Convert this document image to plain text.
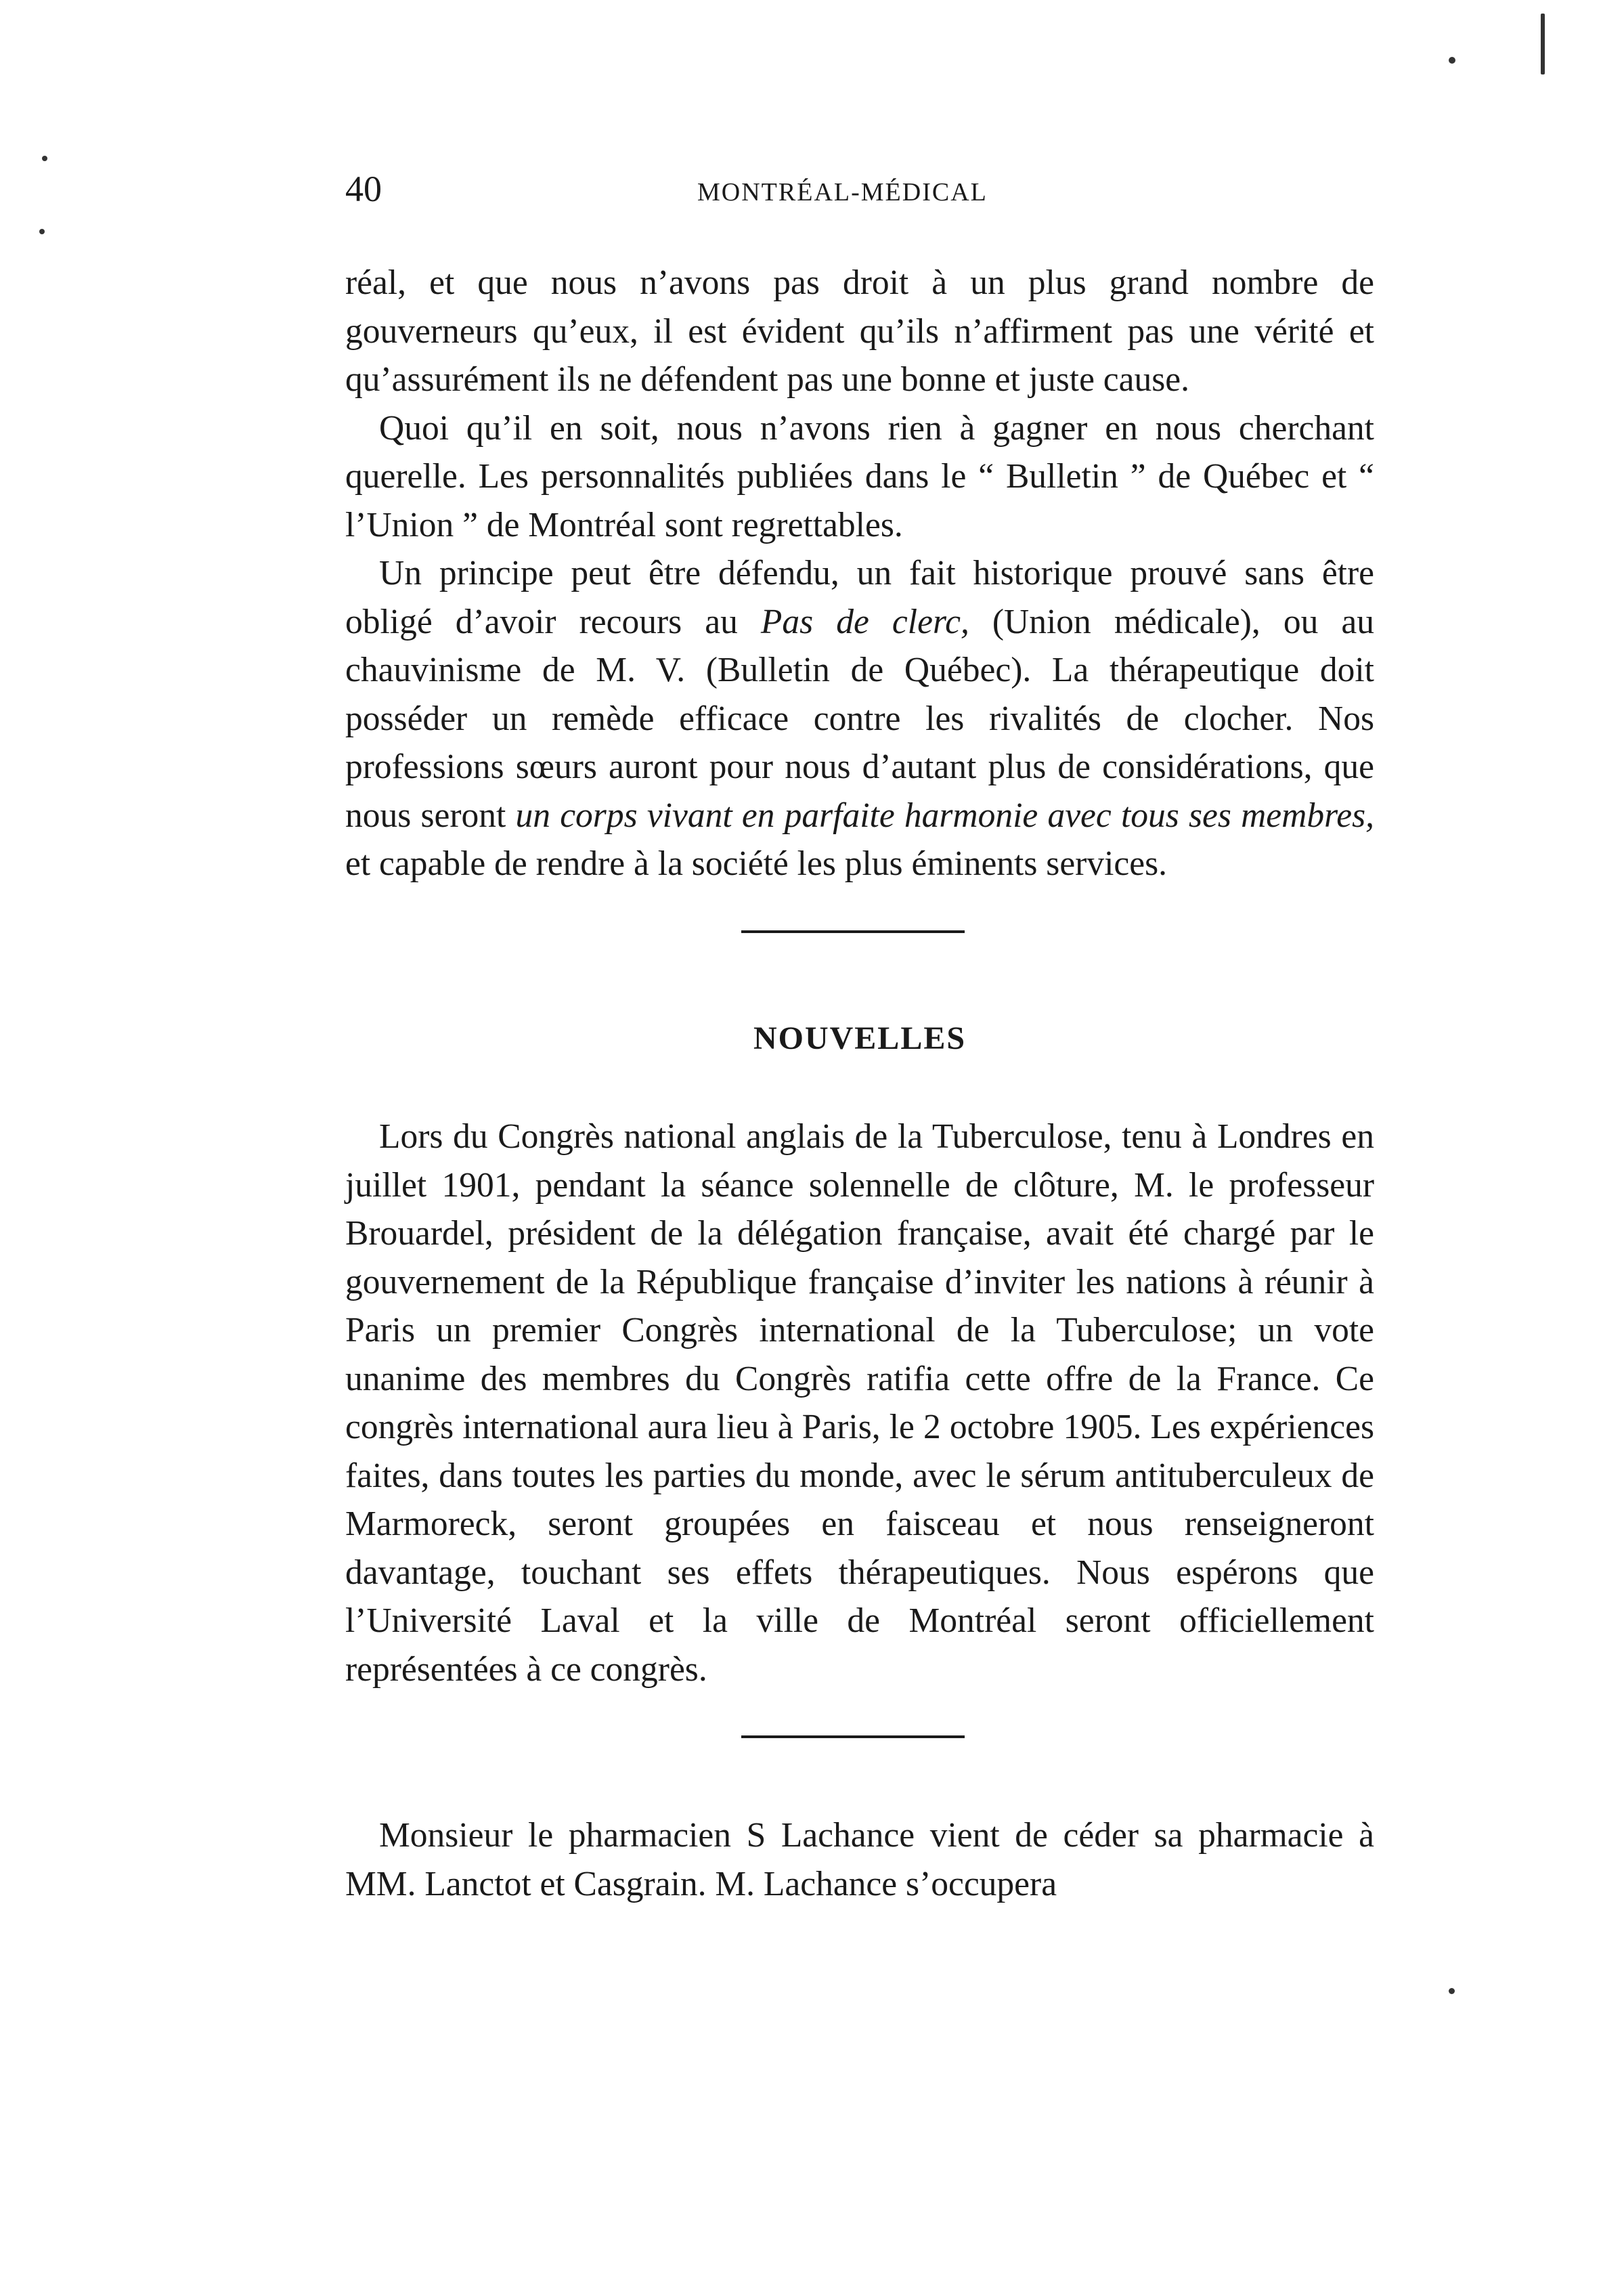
40	MONTRÉAL-MÉDICAL

réal, et que nous n’avons pas droit à un plus grand nombre de gouverneurs qu’eux, il est évident qu’ils n’affirment pas une vérité et qu’assurément ils ne défendent pas une bonne et juste cause.

Quoi qu’il en soit, nous n’avons rien à gagner en nous cherchant querelle. Les personnalités publiées dans le “ Bulletin ” de Québec et “ l’Union ” de Montréal sont regrettables.

Un principe peut être défendu, un fait historique prouvé sans être obligé d’avoir recours au Pas de clerc, (Union médicale), ou au chauvinisme de M. V. (Bulletin de Québec). La thérapeutique doit posséder un remède efficace contre les rivalités de clocher. Nos professions sœurs auront pour nous d’autant plus de considérations, que nous seront un corps vivant en parfaite harmonie avec tous ses membres, et capable de rendre à la société les plus éminents services.

NOUVELLES

Lors du Congrès national anglais de la Tuberculose, tenu à Londres en juillet 1901, pendant la séance solennelle de clôture, M. le professeur Brouardel, président de la délégation française, avait été chargé par le gouvernement de la République française d’inviter les nations à réunir à Paris un premier Congrès international de la Tuberculose; un vote unanime des membres du Congrès ratifia cette offre de la France. Ce congrès international aura lieu à Paris, le 2 octobre 1905. Les expériences faites, dans toutes les parties du monde, avec le sérum antituberculeux de Marmoreck, seront groupées en faisceau et nous renseigneront davantage, touchant ses effets thérapeutiques. Nous espérons que l’Université Laval et la ville de Montréal seront officiellement représentées à ce congrès.

Monsieur le pharmacien S Lachance vient de céder sa pharmacie à MM. Lanctot et Casgrain. M. Lachance s’occupera
